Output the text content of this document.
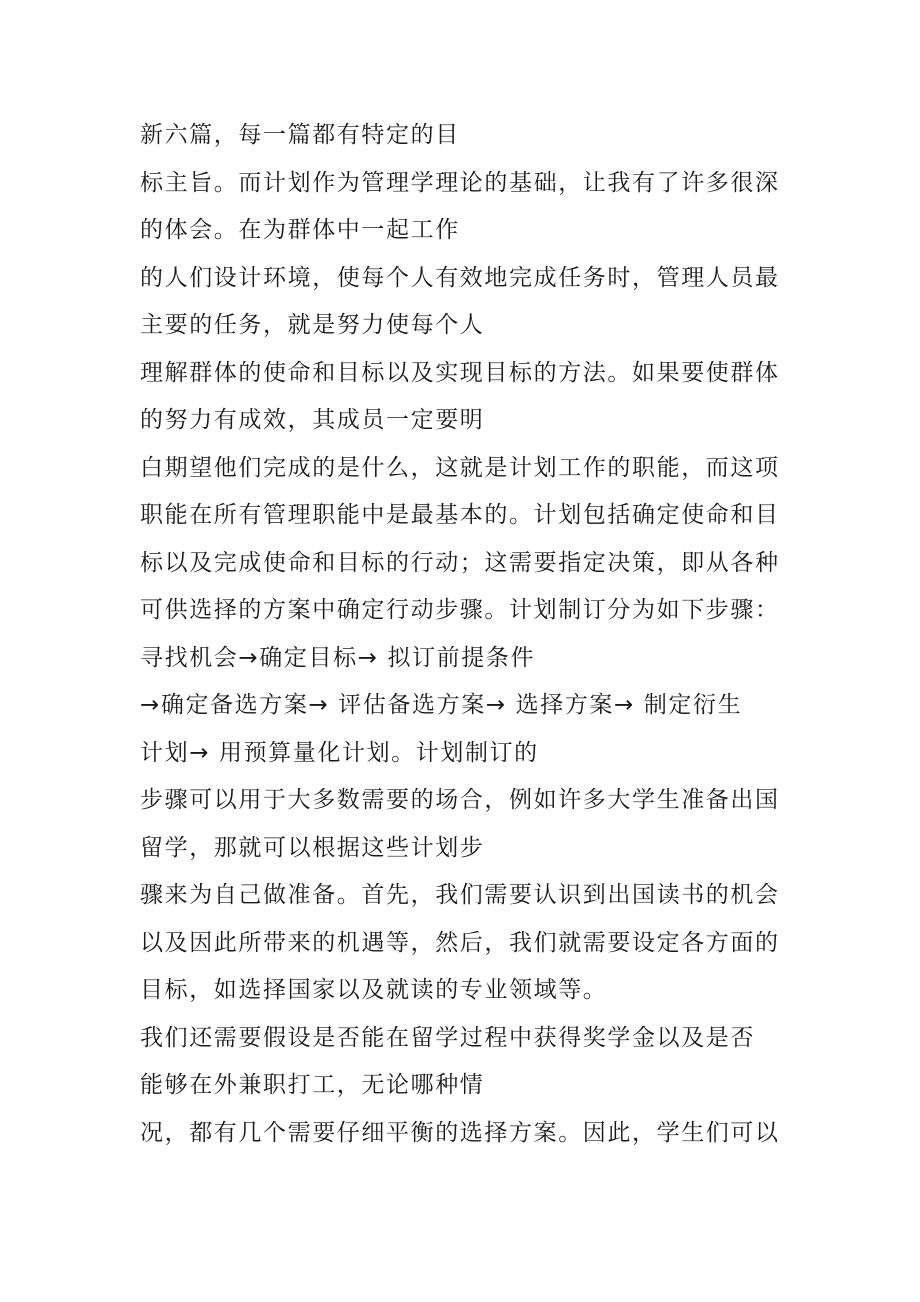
新六篇，每一篇都有特定的目
标主旨。而计划作为管理学理论的基础，让我有了许多很深
的体会。在为群体中一起工作
的人们设计环境，使每个人有效地完成任务时，管理人员最
主要的任务，就是努力使每个人
理解群体的使命和目标以及实现目标的方法。如果要使群体
的努力有成效，其成员一定要明
白期望他们完成的是什么，这就是计划工作的职能，而这项
职能在所有管理职能中是最基本的。计划包括确定使命和目
标以及完成使命和目标的行动；这需要指定决策，即从各种
可供选择的方案中确定行动步骤。计划制订分为如下步骤：
寻找机会→确定目标→ 拟订前提条件
→确定备选方案→ 评估备选方案→ 选择方案→ 制定衍生
计划→ 用预算量化计划。计划制订的
步骤可以用于大多数需要的场合，例如许多大学生准备出国
留学，那就可以根据这些计划步
骤来为自己做准备。首先，我们需要认识到出国读书的机会
以及因此所带来的机遇等，然后，我们就需要设定各方面的
目标，如选择国家以及就读的专业领域等。
我们还需要假设是否能在留学过程中获得奖学金以及是否
能够在外兼职打工，无论哪种情
况，都有几个需要仔细平衡的选择方案。因此，学生们可以
